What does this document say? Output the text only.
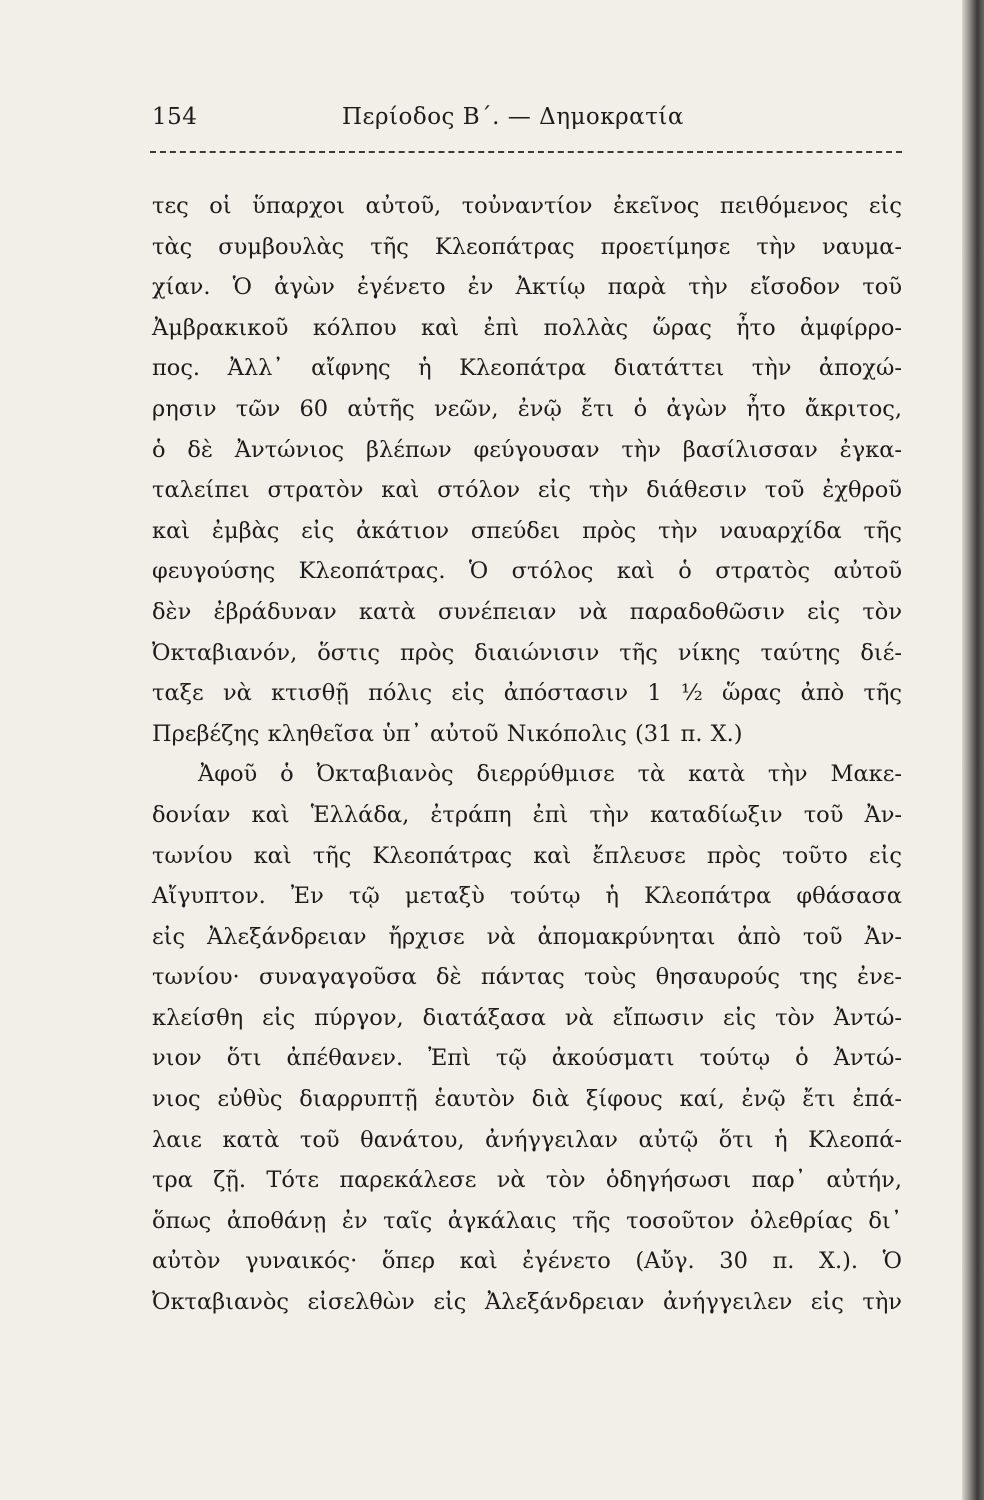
154	Περίοδος Β΄. — Δημοκρατία
τες οἱ ὕπαρχοι αὐτοῦ, τοὐναντίον ἐκεῖνος πειθόμενος εἰς
τὰς συμβουλὰς τῆς Κλεοπάτρας προετίμησε τὴν ναυμα-
χίαν. Ὁ ἀγὼν ἐγένετο ἐν Ἀκτίῳ παρὰ τὴν εἴσοδον τοῦ
Ἀμβρακικοῦ κόλπου καὶ ἐπὶ πολλὰς ὥρας ἦτο ἀμφίρρο-
πος. Ἀλλ᾽ αἴφνης ἡ Κλεοπάτρα διατάττει τὴν ἀποχώ-
ρησιν τῶν 60 αὐτῆς νεῶν, ἐνῷ ἔτι ὁ ἀγὼν ἦτο ἄκριτος,
ὁ δὲ Ἀντώνιος βλέπων φεύγουσαν τὴν βασίλισσαν ἐγκα-
ταλείπει στρατὸν καὶ στόλον εἰς τὴν διάθεσιν τοῦ ἐχθροῦ
καὶ ἐμβὰς εἰς ἀκάτιον σπεύδει πρὸς τὴν ναυαρχίδα τῆς
φευγούσης Κλεοπάτρας. Ὁ στόλος καὶ ὁ στρατὸς αὐτοῦ
δὲν ἐβράδυναν κατὰ συνέπειαν νὰ παραδοθῶσιν εἰς τὸν
Ὀκταβιανόν, ὅστις πρὸς διαιώνισιν τῆς νίκης ταύτης διέ-
ταξε νὰ κτισθῇ πόλις εἰς ἀπόστασιν 1 ½ ὥρας ἀπὸ τῆς
Πρεβέζης κληθεῖσα ὑπ᾽ αὐτοῦ Νικόπολις (31 π. Χ.)
Ἀφοῦ ὁ Ὀκταβιανὸς διερρύθμισε τὰ κατὰ τὴν Μακε-
δονίαν καὶ Ἑλλάδα, ἐτράπη ἐπὶ τὴν καταδίωξιν τοῦ Ἀν-
τωνίου καὶ τῆς Κλεοπάτρας καὶ ἔπλευσε πρὸς τοῦτο εἰς
Αἴγυπτον. Ἐν τῷ μεταξὺ τούτῳ ἡ Κλεοπάτρα φθάσασα
εἰς Ἀλεξάνδρειαν ἤρχισε νὰ ἀπομακρύνηται ἀπὸ τοῦ Ἀν-
τωνίου· συναγαγοῦσα δὲ πάντας τοὺς θησαυρούς της ἐνε-
κλείσθη εἰς πύργον, διατάξασα νὰ εἴπωσιν εἰς τὸν Ἀντώ-
νιον ὅτι ἀπέθανεν. Ἐπὶ τῷ ἀκούσματι τούτῳ ὁ Ἀντώ-
νιος εὐθὺς διαρρυπτῇ ἑαυτὸν διὰ ξίφους καί, ἐνῷ ἔτι ἐπά-
λαιε κατὰ τοῦ θανάτου, ἀνήγγειλαν αὐτῷ ὅτι ἡ Κλεοπά-
τρα ζῇ. Τότε παρεκάλεσε νὰ τὸν ὁδηγήσωσι παρ᾽ αὐτήν,
ὅπως ἀποθάνῃ ἐν ταῖς ἀγκάλαις τῆς τοσοῦτον ὀλεθρίας δι᾽
αὐτὸν γυναικός· ὅπερ καὶ ἐγένετο (Αὔγ. 30 π. Χ.). Ὁ
Ὀκταβιανὸς εἰσελθὼν εἰς Ἀλεξάνδρειαν ἀνήγγειλεν εἰς τὴν
